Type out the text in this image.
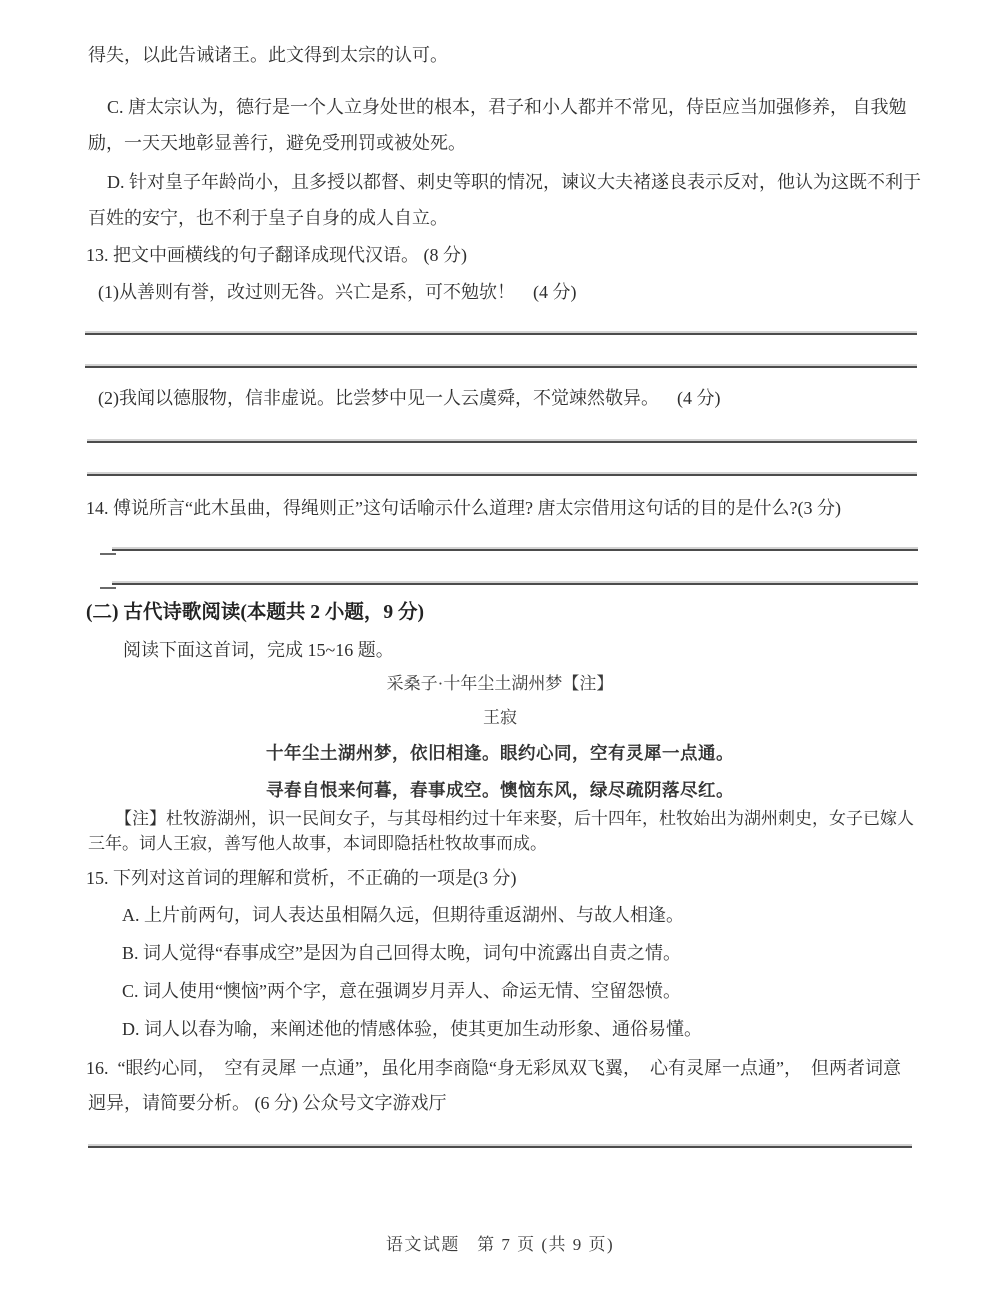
得失，以此告诫诸王。此文得到太宗的认可。
C. 唐太宗认为，德行是一个人立身处世的根本，君子和小人都并不常见，侍臣应当加强修养， 自我勉
励，一天天地彰显善行，避免受刑罚或被处死。
D. 针对皇子年龄尚小，且多授以都督、刺史等职的情况，谏议大夫褚遂良表示反对，他认为这既不利于
百姓的安宁，也不利于皇子自身的成人自立。
13. 把文中画横线的句子翻译成现代汉语。 (8 分)
(1)从善则有誉，改过则无咎。兴亡是系，可不勉欤！    (4 分)
(2)我闻以德服物，信非虚说。比尝梦中见一人云虞舜，不觉竦然敬异。    (4 分)
14. 傅说所言“此木虽曲，得绳则正”这句话喻示什么道理? 唐太宗借用这句话的目的是什么?(3 分)
(二) 古代诗歌阅读(本题共 2 小题，9 分)
阅读下面这首词，完成 15~16 题。
采桑子·十年尘土湖州梦【注】
王寂
十年尘土湖州梦，依旧相逢。眼约心同，空有灵犀一点通。
寻春自恨来何暮，春事成空。懊恼东风，绿尽疏阴落尽红。
【注】杜牧游湖州，识一民间女子，与其母相约过十年来娶，后十四年，杜牧始出为湖州刺史，女子已嫁人
三年。词人王寂，善写他人故事，本词即隐括杜牧故事而成。
15. 下列对这首词的理解和赏析，不正确的一项是(3 分)
A. 上片前两句，词人表达虽相隔久远，但期待重返湖州、与故人相逢。
B. 词人觉得“春事成空”是因为自己回得太晚，词句中流露出自责之情。
C. 词人使用“懊恼”两个字，意在强调岁月弄人、命运无情、空留怨愤。
D. 词人以春为喻，来阐述他的情感体验，使其更加生动形象、通俗易懂。
16.  “眼约心同，  空有灵犀 一点通”，虽化用李商隐“身无彩凤双飞翼，  心有灵犀一点通”，  但两者词意
迥异，请简要分析。 (6 分) 公众号文字游戏厅
语文试题   第 7 页 (共 9 页)
